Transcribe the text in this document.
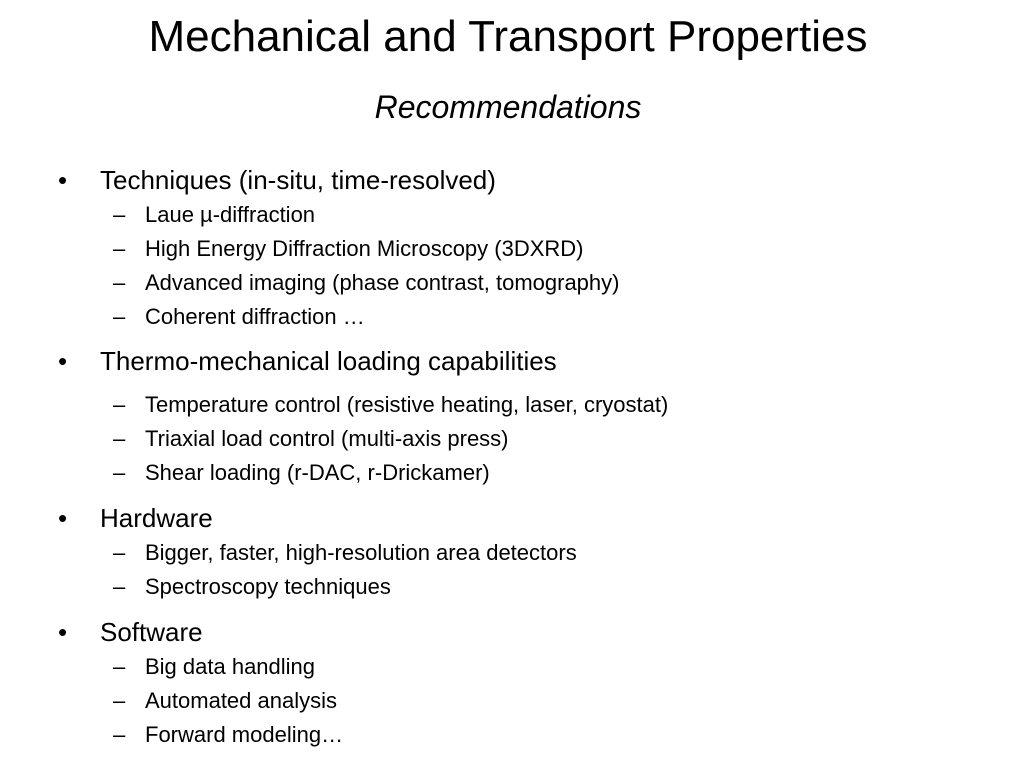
Mechanical and Transport Properties
Recommendations
• Techniques (in-situ, time-resolved)
– Laue µ-diffraction
– High Energy Diffraction Microscopy (3DXRD)
– Advanced imaging (phase contrast, tomography)
– Coherent diffraction …
• Thermo-mechanical loading capabilities
– Temperature control (resistive heating, laser, cryostat)
– Triaxial load control (multi-axis press)
– Shear loading (r-DAC, r-Drickamer)
• Hardware
– Bigger, faster, high-resolution area detectors
– Spectroscopy techniques
• Software
– Big data handling
– Automated analysis
– Forward modeling…
